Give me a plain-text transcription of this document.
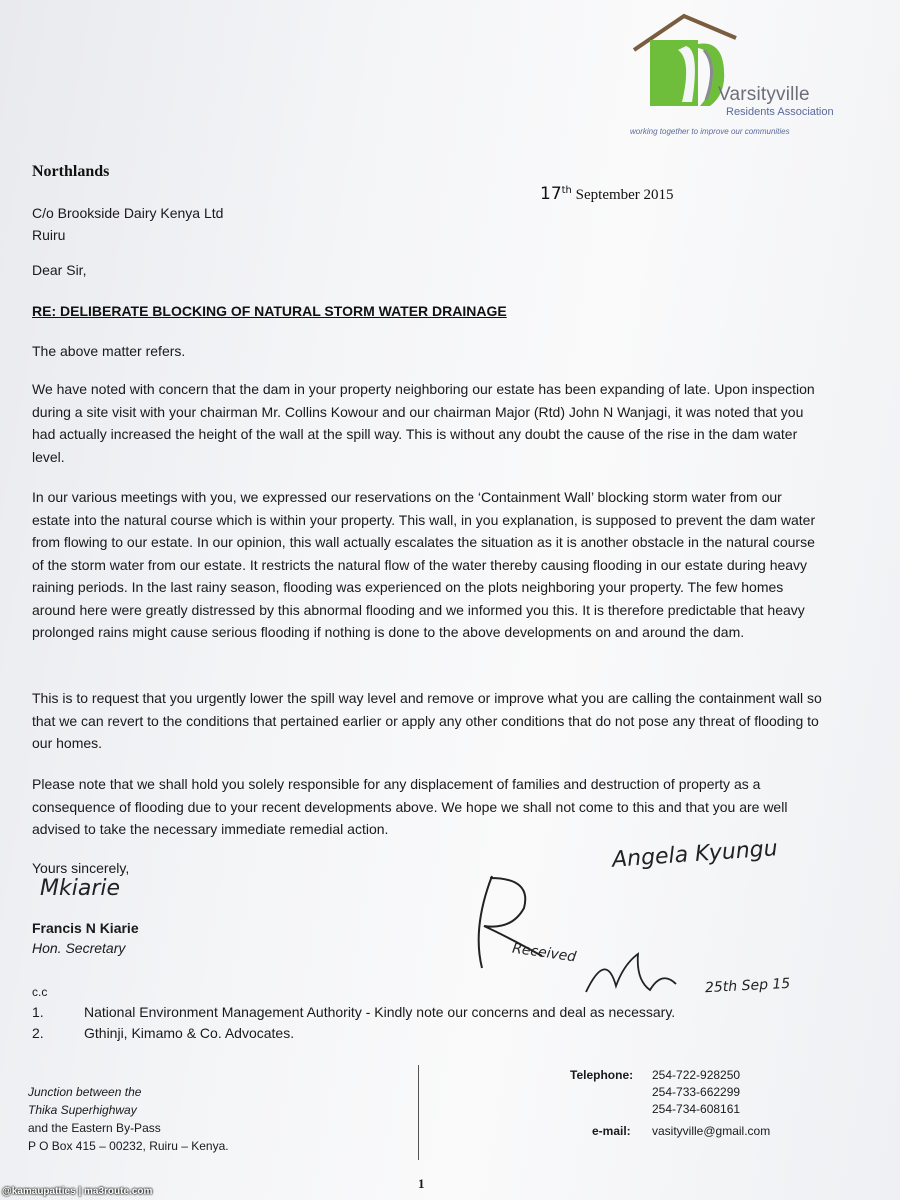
Varsityville
Residents Association
working together to improve our communities
Northlands
17th September 2015
C/o Brookside Dairy Kenya Ltd
Ruiru
Dear Sir,
RE: DELIBERATE BLOCKING OF NATURAL STORM WATER DRAINAGE
The above matter refers.
We have noted with concern that the dam in your property neighboring our estate has been expanding of late. Upon inspection during a site visit with your chairman Mr. Collins Kowour and our chairman Major (Rtd) John N Wanjagi, it was noted that you had actually increased the height of the wall at the spill way. This is without any doubt the cause of the rise in the dam water level.
In our various meetings with you, we expressed our reservations on the ‘Containment Wall’ blocking storm water from our estate into the natural course which is within your property. This wall, in you explanation, is supposed to prevent the dam water from flowing to our estate. In our opinion, this wall actually escalates the situation as it is another obstacle in the natural course of the storm water from our estate. It restricts the natural flow of the water thereby causing flooding in our estate during heavy raining periods. In the last rainy season, flooding was experienced on the plots neighboring your property. The few homes around here were greatly distressed by this abnormal flooding and we informed you this. It is therefore predictable that heavy prolonged rains might cause serious flooding if nothing is done to the above developments on and around the dam.
This is to request that you urgently lower the spill way level and remove or improve what you are calling the containment wall so that we can revert to the conditions that pertained earlier or apply any other conditions that do not pose any threat of flooding to our homes.
Please note that we shall hold you solely responsible for any displacement of families and destruction of property as a consequence of flooding due to your recent developments above. We hope we shall not come to this and that you are well advised to take the necessary immediate remedial action.
Yours sincerely,
Mkiarie
Francis N Kiarie
Hon. Secretary
c.c
1.	National Environment Management Authority - Kindly note our concerns and deal as necessary.
2.	Gthinji, Kimamo & Co. Advocates.
Angela Kyungu
Received
25th Sep 15
Junction between the
Thika Superhighway
and the Eastern By-Pass
P O Box 415 – 00232, Ruiru – Kenya.
Telephone: 254-722-928250
254-733-662299
254-734-608161
e-mail: vasityville@gmail.com
1
@kamaupatties | ma3route.com
